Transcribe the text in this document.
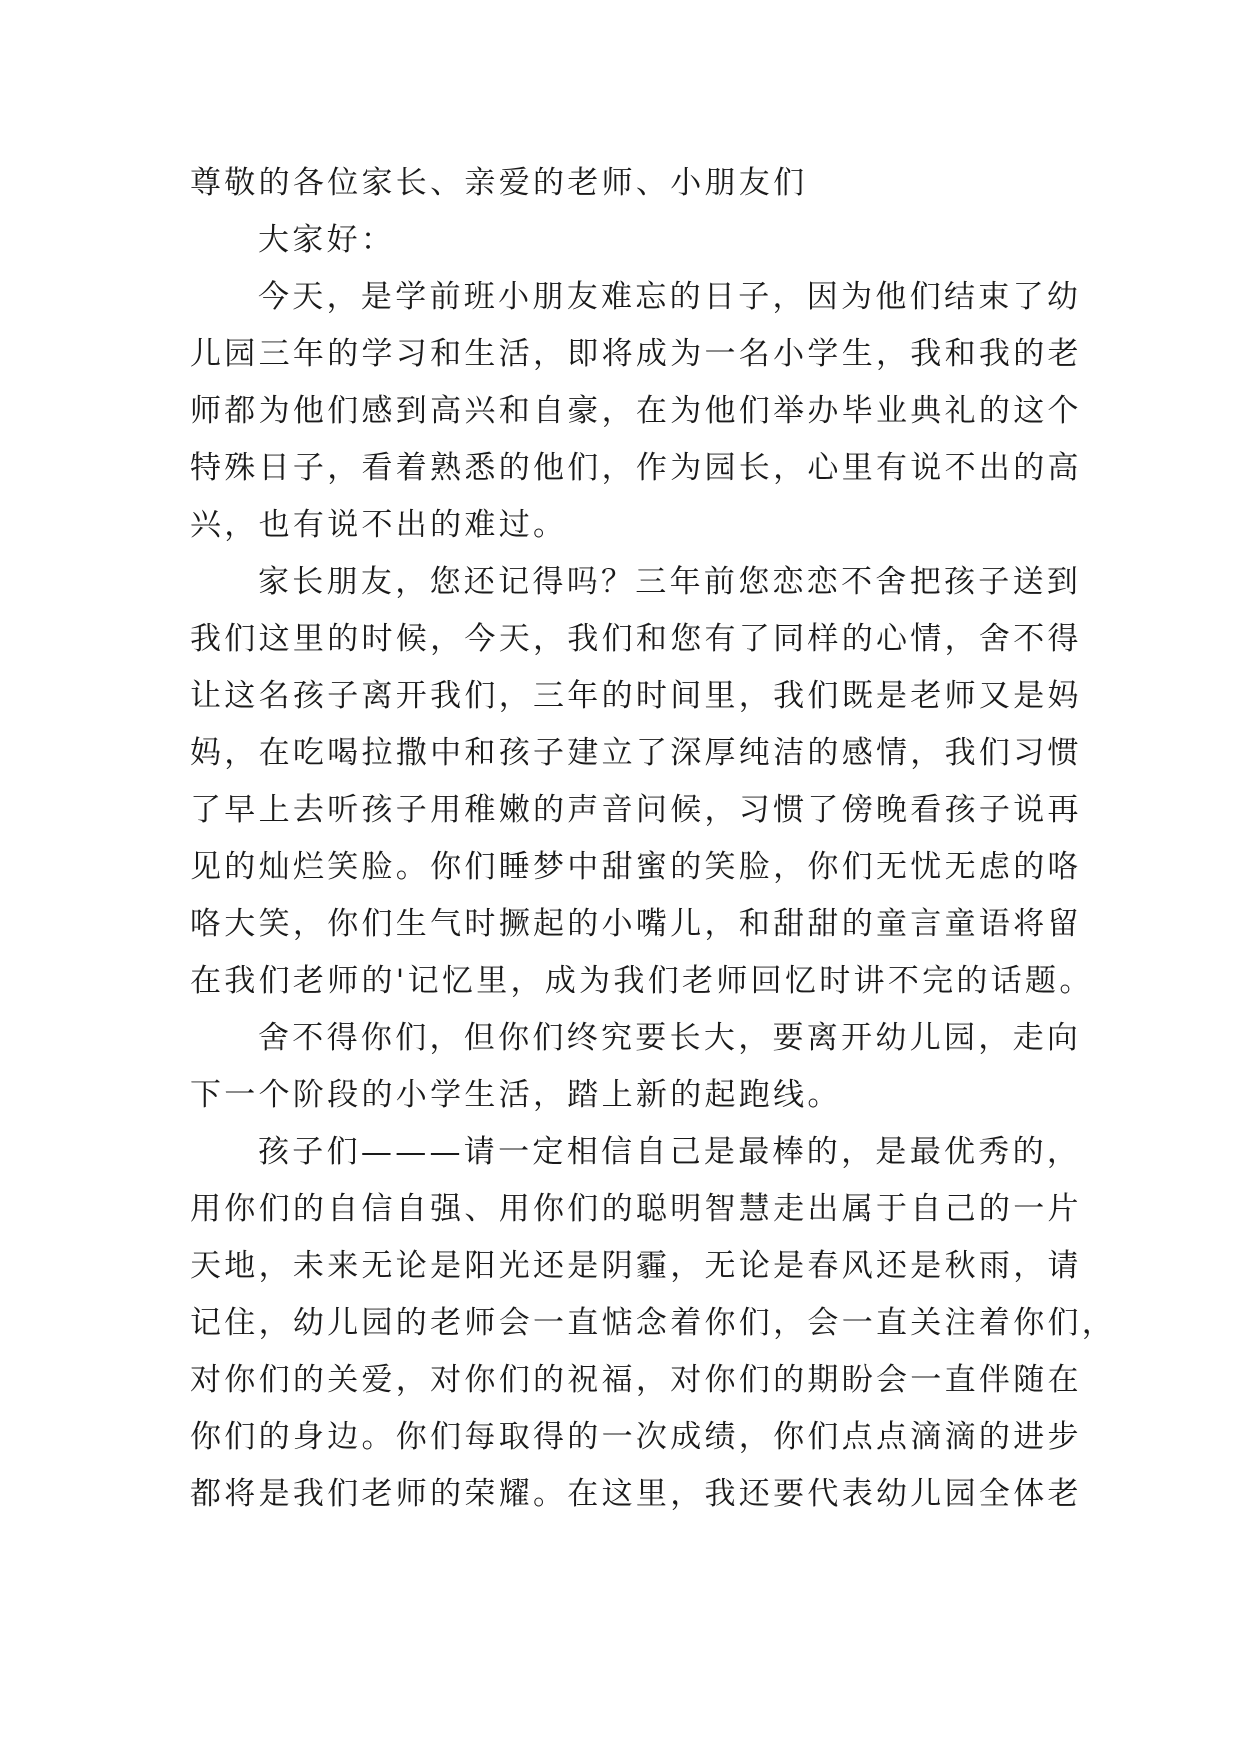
尊敬的各位家长、亲爱的老师、小朋友们
大家好：
今天，是学前班小朋友难忘的日子，因为他们结束了幼
儿园三年的学习和生活，即将成为一名小学生，我和我的老
师都为他们感到高兴和自豪，在为他们举办毕业典礼的这个
特殊日子，看着熟悉的他们，作为园长，心里有说不出的高
兴，也有说不出的难过。
家长朋友，您还记得吗？三年前您恋恋不舍把孩子送到
我们这里的时候，今天，我们和您有了同样的心情，舍不得
让这名孩子离开我们，三年的时间里，我们既是老师又是妈
妈，在吃喝拉撒中和孩子建立了深厚纯洁的感情，我们习惯
了早上去听孩子用稚嫩的声音问候，习惯了傍晚看孩子说再
见的灿烂笑脸。你们睡梦中甜蜜的笑脸，你们无忧无虑的咯
咯大笑，你们生气时撅起的小嘴儿，和甜甜的童言童语将留
在我们老师的'记忆里，成为我们老师回忆时讲不完的话题。
舍不得你们，但你们终究要长大，要离开幼儿园，走向
下一个阶段的小学生活，踏上新的起跑线。
孩子们———请一定相信自己是最棒的，是最优秀的，
用你们的自信自强、用你们的聪明智慧走出属于自己的一片
天地，未来无论是阳光还是阴霾，无论是春风还是秋雨，请
记住，幼儿园的老师会一直惦念着你们，会一直关注着你们，
对你们的关爱，对你们的祝福，对你们的期盼会一直伴随在
你们的身边。你们每取得的一次成绩，你们点点滴滴的进步
都将是我们老师的荣耀。在这里，我还要代表幼儿园全体老
